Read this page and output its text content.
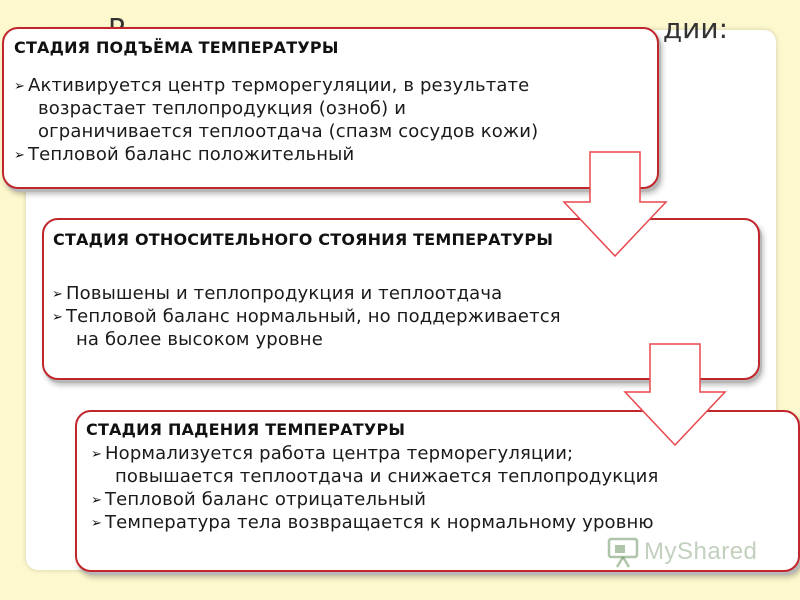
дии:
СТАДИЯ ПОДЪЁМА ТЕМПЕРАТУРЫ
➢ Активируется центр терморегуляции, в результате
возрастает теплопродукция (озноб) и
ограничивается теплоотдача (спазм сосудов кожи)
➢ Тепловой баланс положительный
СТАДИЯ ОТНОСИТЕЛЬНОГО СТОЯНИЯ ТЕМПЕРАТУРЫ
➢ Повышены и теплопродукция и теплоотдача
➢ Тепловой баланс нормальный, но поддерживается
на более высоком уровне
СТАДИЯ ПАДЕНИЯ ТЕМПЕРАТУРЫ
➢ Нормализуется работа центра терморегуляции;
повышается теплоотдача и снижается теплопродукция
➢ Тепловой баланс отрицательный
➢ Температура тела возвращается к нормальному уровню
MyShared
